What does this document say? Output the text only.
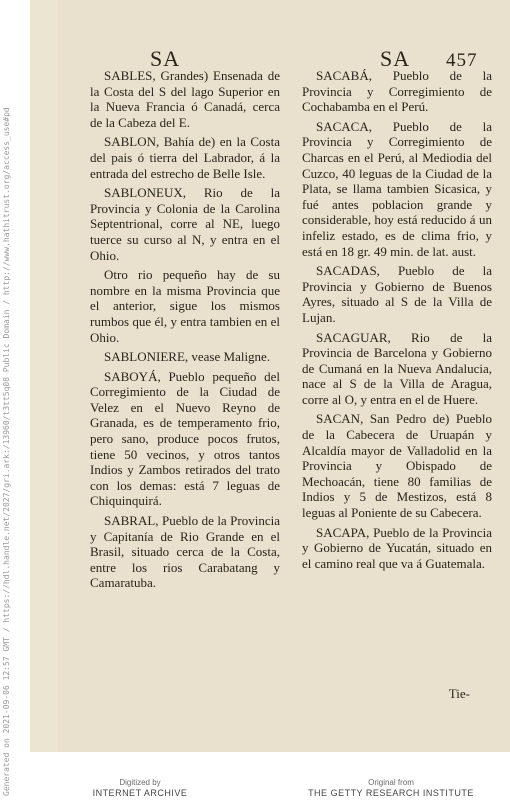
SA	SA 457

SABLES, Grandes) Ensenada de la Costa del S del lago Superior en la Nueva Francia ó Canadá, cerca de la Cabeza del E.

SABLON, Bahía de) en la Costa del pais ó tierra del Labrador, á la entrada del estrecho de Belle Isle.

SABLONEUX, Rio de la Provincia y Colonia de la Carolina Septentrional, corre al NE, luego tuerce su curso al N, y entra en el Ohio.

Otro rio pequeño hay de su nombre en la misma Provincia que el anterior, sigue los mismos rumbos que él, y entra tambien en el Ohio.

SABLONIERE, vease Maligne.

SABOYÁ, Pueblo pequeño del Corregimiento de la Ciudad de Velez en el Nuevo Reyno de Granada, es de temperamento frio, pero sano, produce pocos frutos, tiene 50 vecinos, y otros tantos Indios y Zambos retirados del trato con los demas: está 7 leguas de Chiquinquirá.

SABRAL, Pueblo de la Provincia y Capitanía de Rio Grande en el Brasil, situado cerca de la Costa, entre los rios Carabatang y Camaratuba.

SACABÁ, Pueblo de la Provincia y Corregimiento de Cochabamba en el Perú.

SACACA, Pueblo de la Provincia y Corregimiento de Charcas en el Perú, al Mediodia del Cuzco, 40 leguas de la Ciudad de la Plata, se llama tambien Sicasica, y fué antes poblacion grande y considerable, hoy está reducido á un infeliz estado, es de clima frio, y está en 18 gr. 49 min. de lat. aust.

SACADAS, Pueblo de la Provincia y Gobierno de Buenos Ayres, situado al S de la Villa de Lujan.

SACAGUAR, Rio de la Provincia de Barcelona y Gobierno de Cumaná en la Nueva Andalucia, nace al S de la Villa de Aragua, corre al O, y entra en el de Huere.

SACAN, San Pedro de) Pueblo de la Cabecera de Uruapán y Alcaldía mayor de Valladolid en la Provincia y Obispado de Mechoacán, tiene 80 familias de Indios y 5 de Mestizos, está 8 leguas al Poniente de su Cabecera.

SACAPA, Pueblo de la Provincia y Gobierno de Yucatán, situado en el camino real que va á Guatemala.

Tie-
Generated on 2021-09-06 12:57 GMT / https://hdl.handle.net/2027/gri.ark:/13960/t3tt5q08 Public Domain / http://www.hathitrust.org/access_use#pd	Digitized by
INTERNET ARCHIVE
Original from
THE GETTY RESEARCH INSTITUTE
